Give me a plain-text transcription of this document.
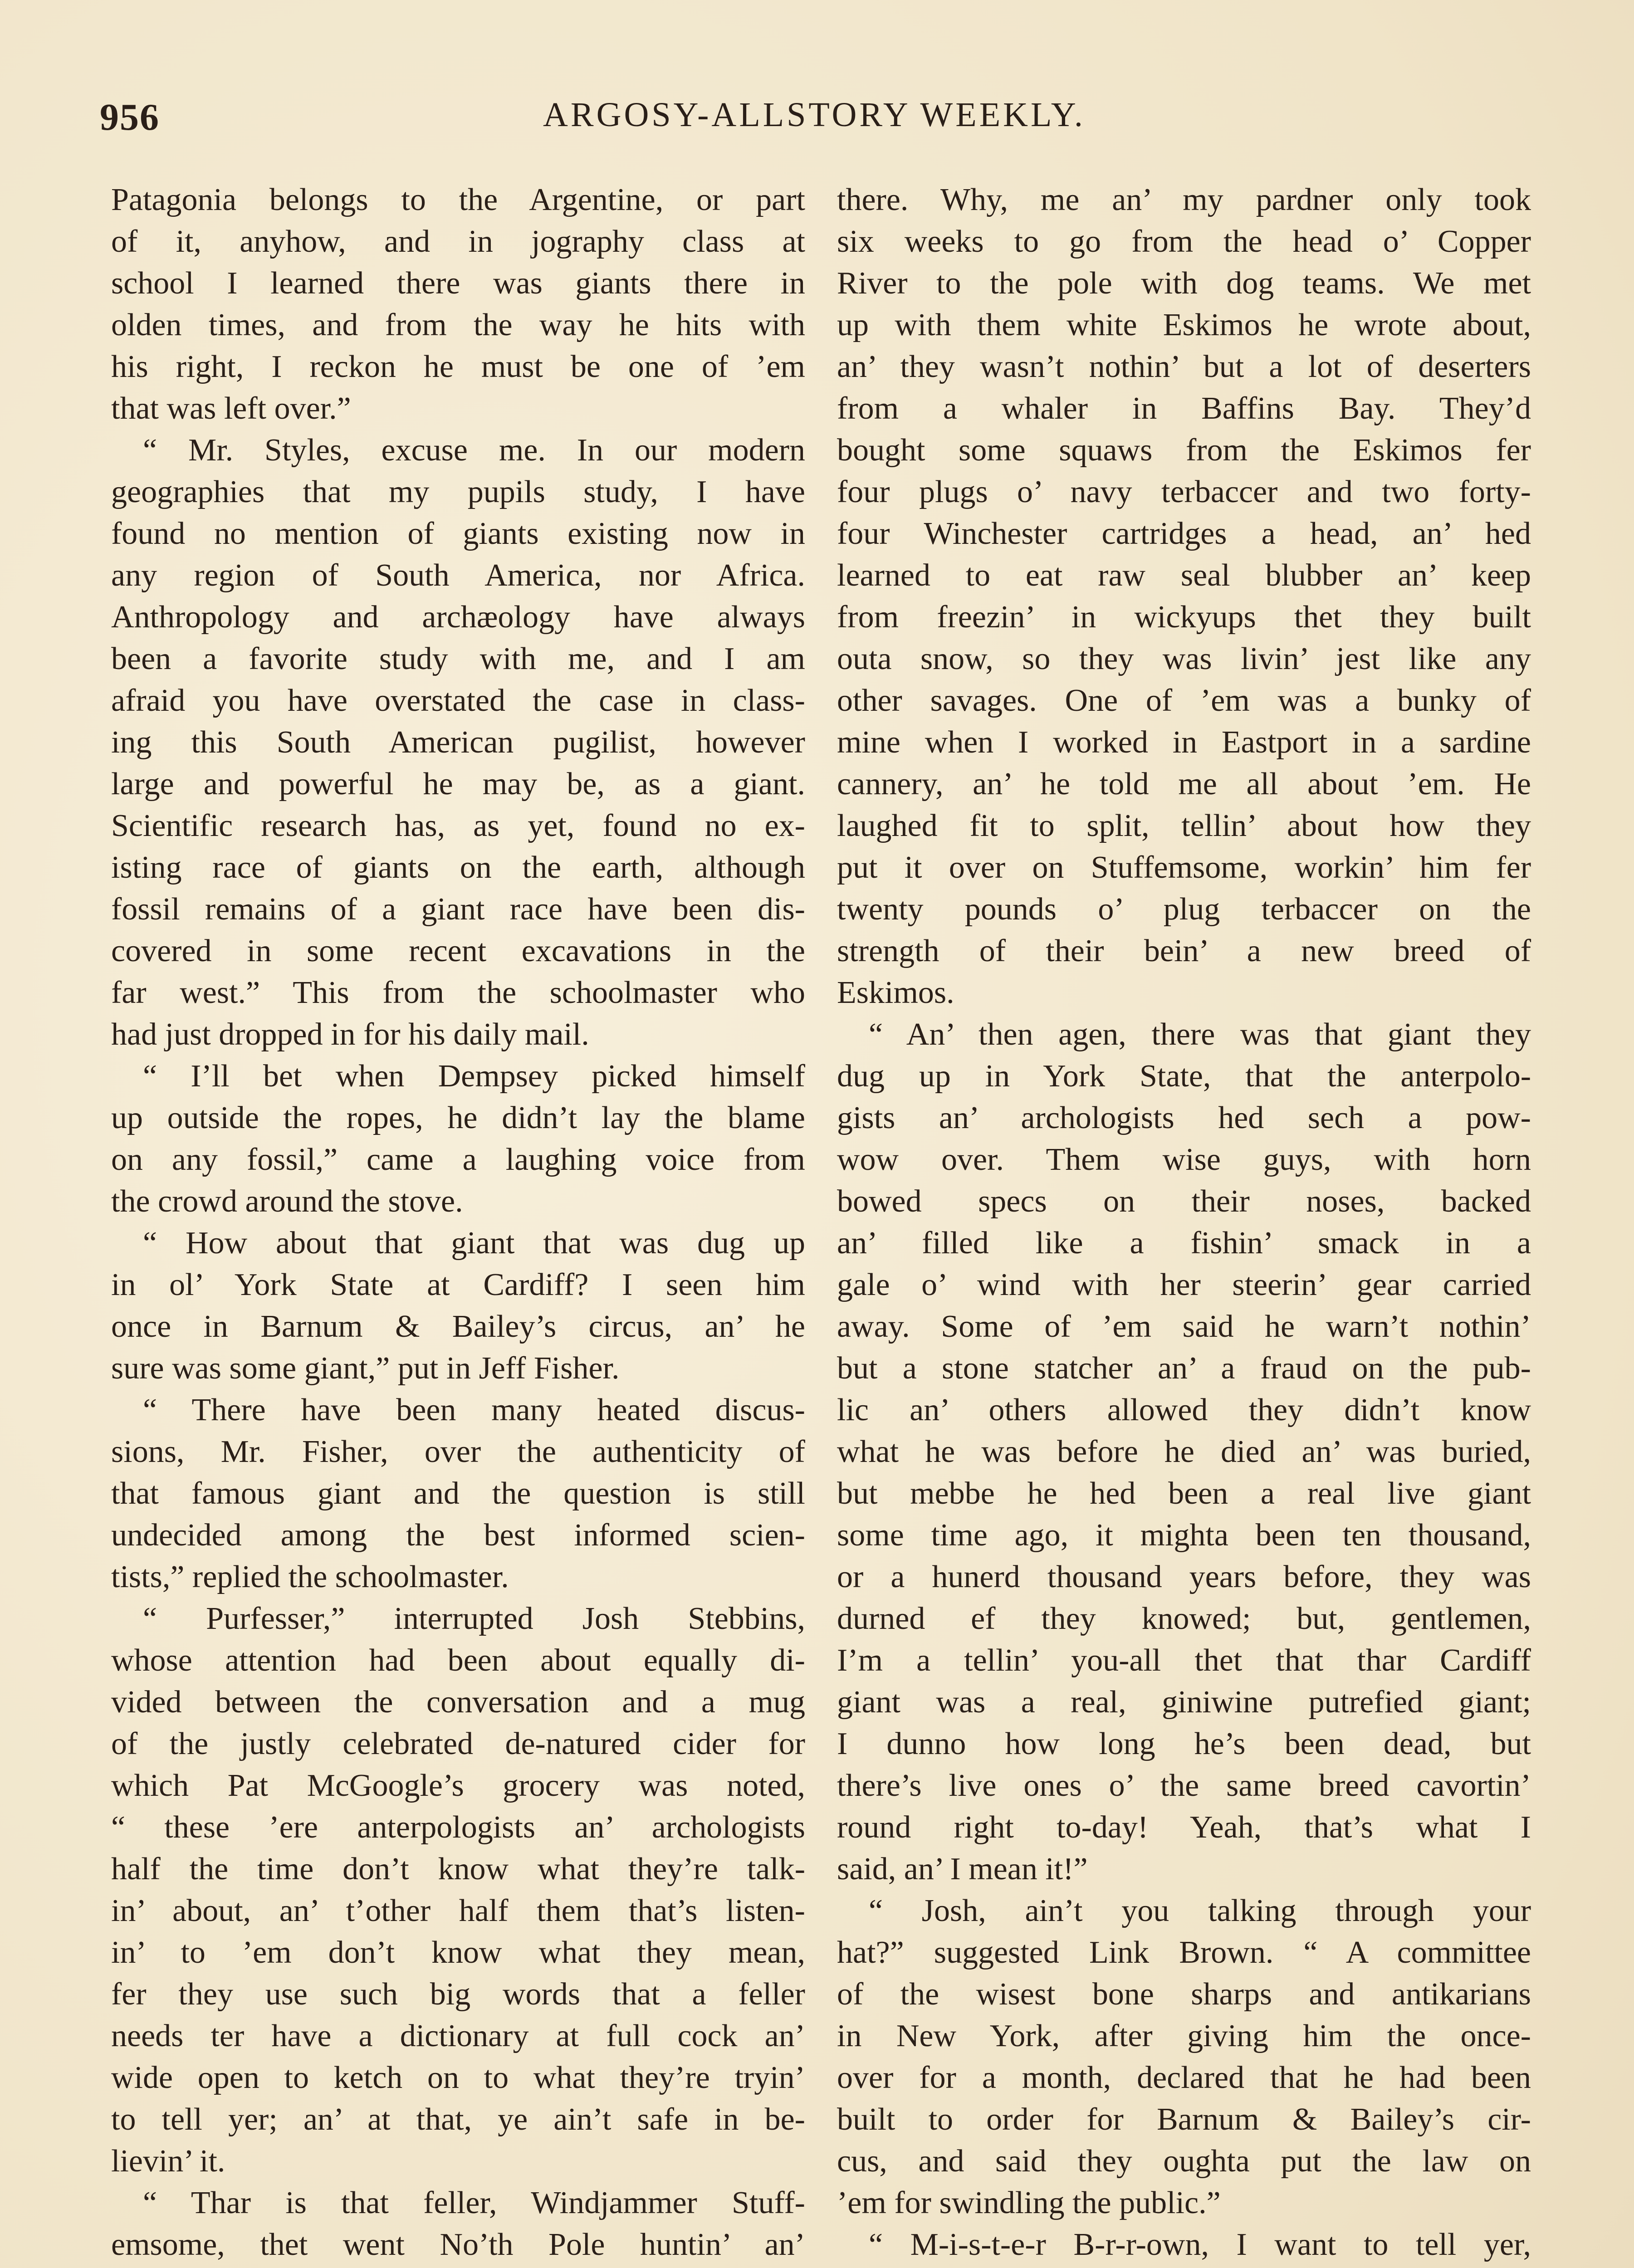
956	ARGOSY-ALLSTORY WEEKLY.
Patagonia belongs to the Argentine, or part
of it, anyhow, and in jography class at
school I learned there was giants there in
olden times, and from the way he hits with
his right, I reckon he must be one of ’em
that was left over.”
“ Mr. Styles, excuse me. In our modern
geographies that my pupils study, I have
found no mention of giants existing now in
any region of South America, nor Africa.
Anthropology and archæology have always
been a favorite study with me, and I am
afraid you have overstated the case in class-
ing this South American pugilist, however
large and powerful he may be, as a giant.
Scientific research has, as yet, found no ex-
isting race of giants on the earth, although
fossil remains of a giant race have been dis-
covered in some recent excavations in the
far west.” This from the schoolmaster who
had just dropped in for his daily mail.
“ I’ll bet when Dempsey picked himself
up outside the ropes, he didn’t lay the blame
on any fossil,” came a laughing voice from
the crowd around the stove.
“ How about that giant that was dug up
in ol’ York State at Cardiff? I seen him
once in Barnum & Bailey’s circus, an’ he
sure was some giant,” put in Jeff Fisher.
“ There have been many heated discus-
sions, Mr. Fisher, over the authenticity of
that famous giant and the question is still
undecided among the best informed scien-
tists,” replied the schoolmaster.
“ Purfesser,” interrupted Josh Stebbins,
whose attention had been about equally di-
vided between the conversation and a mug
of the justly celebrated de-natured cider for
which Pat McGoogle’s grocery was noted,
“ these ’ere anterpologists an’ archologists
half the time don’t know what they’re talk-
in’ about, an’ t’other half them that’s listen-
in’ to ’em don’t know what they mean,
fer they use such big words that a feller
needs ter have a dictionary at full cock an’
wide open to ketch on to what they’re tryin’
to tell yer; an’ at that, ye ain’t safe in be-
lievin’ it.
“ Thar is that feller, Windjammer Stuff-
emsome, thet went No’th Pole huntin’ an’
there. Why, me an’ my pardner only took
six weeks to go from the head o’ Copper
River to the pole with dog teams. We met
up with them white Eskimos he wrote about,
an’ they wasn’t nothin’ but a lot of deserters
from a whaler in Baffins Bay. They’d
bought some squaws from the Eskimos fer
four plugs o’ navy terbaccer and two forty-
four Winchester cartridges a head, an’ hed
learned to eat raw seal blubber an’ keep
from freezin’ in wickyups thet they built
outa snow, so they was livin’ jest like any
other savages. One of ’em was a bunky of
mine when I worked in Eastport in a sardine
cannery, an’ he told me all about ’em. He
laughed fit to split, tellin’ about how they
put it over on Stuffemsome, workin’ him fer
twenty pounds o’ plug terbaccer on the
strength of their bein’ a new breed of
Eskimos.
“ An’ then agen, there was that giant they
dug up in York State, that the anterpolo-
gists an’ archologists hed sech a pow-
wow over. Them wise guys, with horn
bowed specs on their noses, backed
an’ filled like a fishin’ smack in a
gale o’ wind with her steerin’ gear carried
away. Some of ’em said he warn’t nothin’
but a stone statcher an’ a fraud on the pub-
lic an’ others allowed they didn’t know
what he was before he died an’ was buried,
but mebbe he hed been a real live giant
some time ago, it mighta been ten thousand,
or a hunerd thousand years before, they was
durned ef they knowed; but, gentlemen,
I’m a tellin’ you-all thet that thar Cardiff
giant was a real, giniwine putrefied giant;
I dunno how long he’s been dead, but
there’s live ones o’ the same breed cavortin’
round right to-day! Yeah, that’s what I
said, an’ I mean it!”
“ Josh, ain’t you talking through your
hat?” suggested Link Brown. “ A committee
of the wisest bone sharps and antikarians
in New York, after giving him the once-
over for a month, declared that he had been
built to order for Barnum & Bailey’s cir-
cus, and said they oughta put the law on
’em for swindling the public.”
“ M-i-s-t-e-r B-r-r-own, I want to tell yer,
